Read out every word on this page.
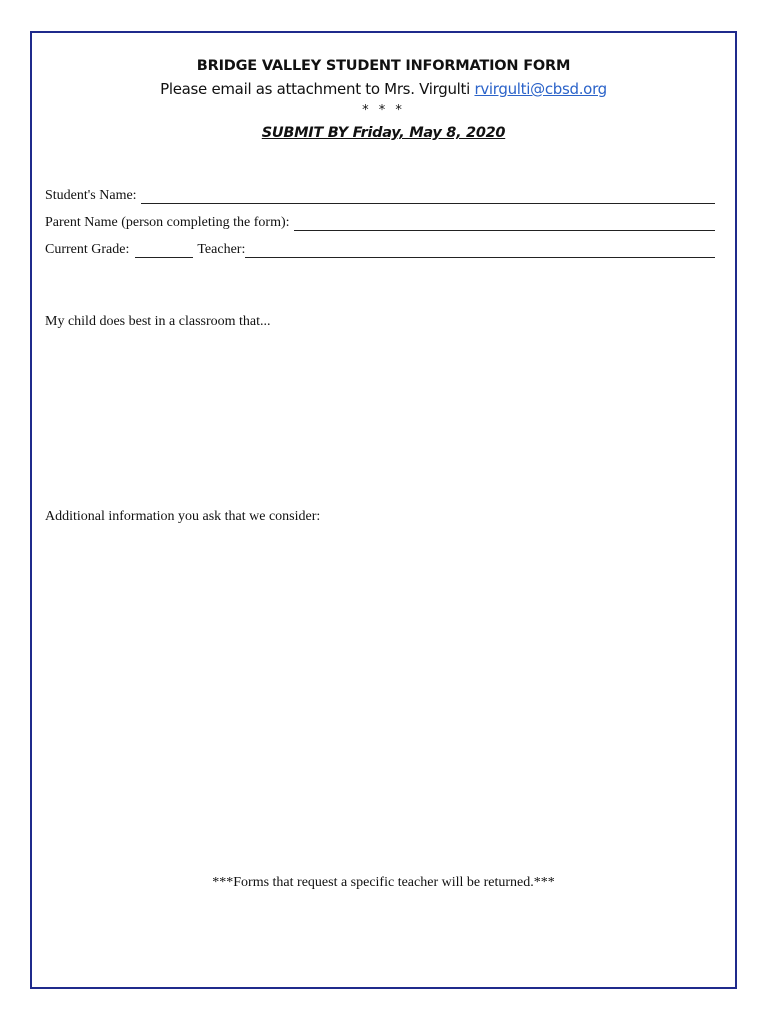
BRIDGE VALLEY STUDENT INFORMATION FORM
Please email as attachment to Mrs. Virgulti rvirgulti@cbsd.org
* * *
SUBMIT BY Friday, May 8, 2020
Student's Name:
Parent Name (person completing the form):
Current Grade:	Teacher:
My child does best in a classroom that...
Additional information you ask that we consider:
***Forms that request a specific teacher will be returned.***
